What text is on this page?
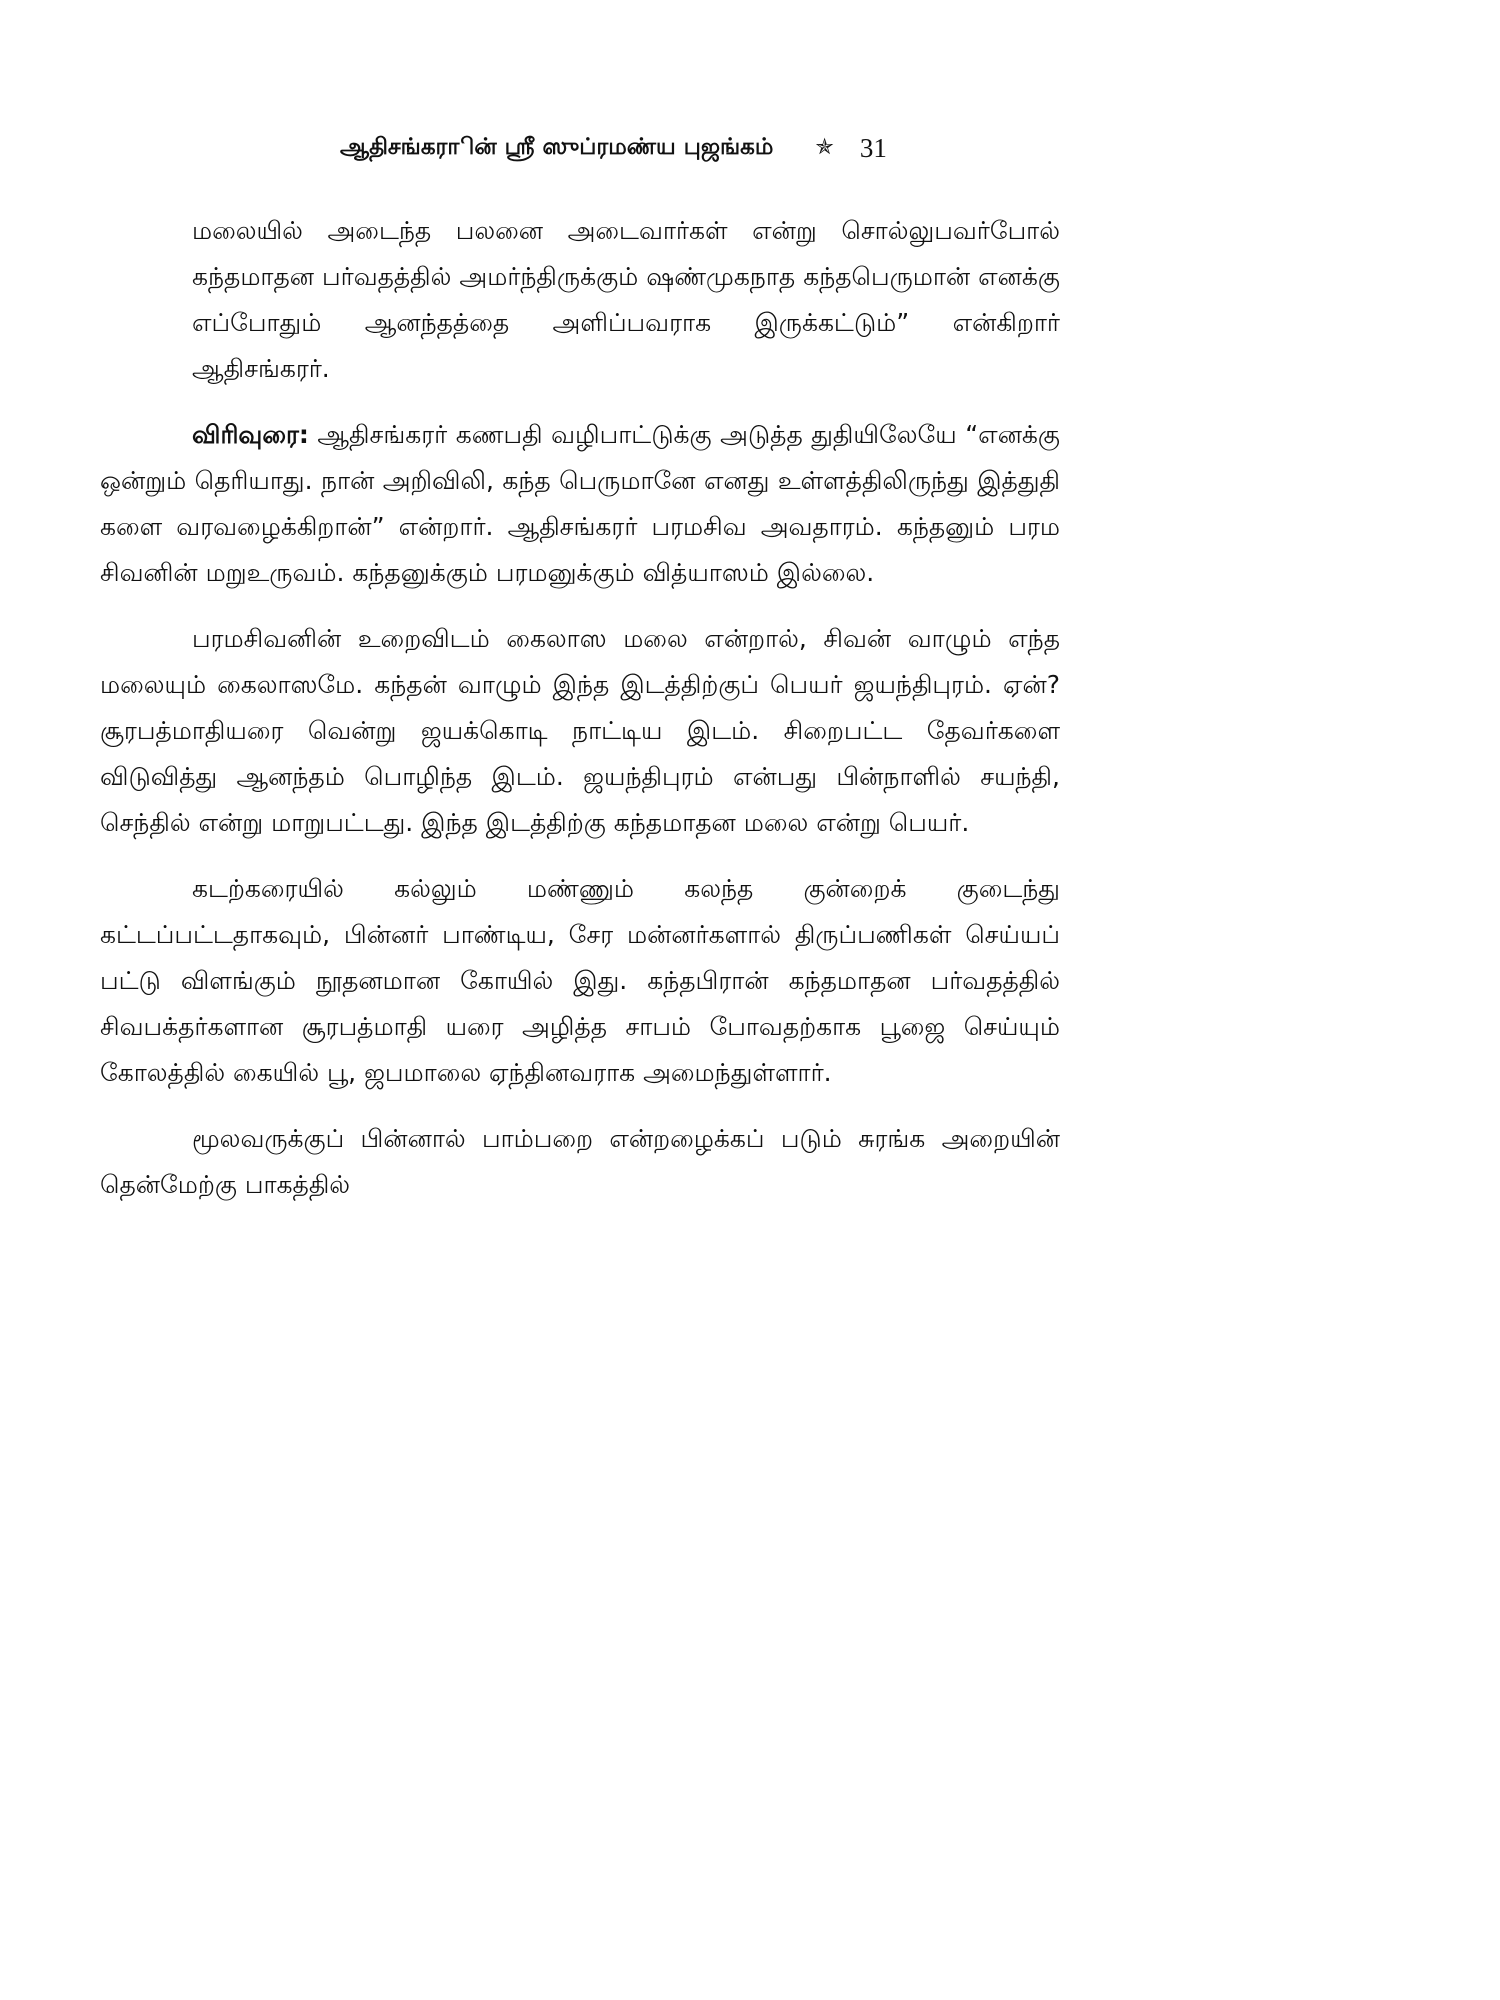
ஆதிசங்கராின் ஸ்ரீ ஸுப்ரமண்ய புஜங்கம் ✯ 31

மலையில் அடைந்த பலனை அடைவார்கள் என்று சொல்லுபவர்போல் கந்தமாதன பர்வதத்தில் அமர்ந்திருக்கும் ஷண்முகநாத கந்தபெருமான் எனக்கு எப்போதும் ஆனந்தத்தை அளிப்பவராக இருக்கட்டும்” என்கிறார் ஆதிசங்கரர்.

விரிவுரை: ஆதிசங்கரர் கணபதி வழிபாட்டுக்கு அடுத்த துதியிலேயே “எனக்கு ஒன்றும் தெரியாது. நான் அறிவிலி, கந்த பெருமானே எனது உள்ளத்திலிருந்து இத்துதி களை வரவழைக்கிறான்” என்றார். ஆதிசங்கரர் பரமசிவ அவதாரம். கந்தனும் பரம சிவனின் மறுஉருவம். கந்தனுக்கும் பரமனுக்கும் வித்யாஸம் இல்லை.

பரமசிவனின் உறைவிடம் கைலாஸ மலை என்றால், சிவன் வாழும் எந்த மலையும் கைலாஸமே. கந்தன் வாழும் இந்த இடத்திற்குப் பெயர் ஜயந்திபுரம். ஏன்? சூரபத்மாதியரை வென்று ஜயக்கொடி நாட்டிய இடம். சிறைபட்ட தேவர்களை விடுவித்து ஆனந்தம் பொழிந்த இடம். ஜயந்திபுரம் என்பது பின்நாளில் சயந்தி, செந்தில் என்று மாறுபட்டது. இந்த இடத்திற்கு கந்தமாதன மலை என்று பெயர்.

கடற்கரையில் கல்லும் மண்ணும் கலந்த குன்றைக் குடைந்து கட்டப்பட்டதாகவும், பின்னர் பாண்டிய, சேர மன்னர்களால் திருப்பணிகள் செய்யப் பட்டு விளங்கும் நூதனமான கோயில் இது. கந்தபிரான் கந்தமாதன பர்வதத்தில் சிவபக்தர்களான சூரபத்மாதி யரை அழித்த சாபம் போவதற்காக பூஜை செய்யும் கோலத்தில் கையில் பூ, ஜபமாலை ஏந்தினவராக அமைந்துள்ளார்.

மூலவருக்குப் பின்னால் பாம்பறை என்றழைக்கப் படும் சுரங்க அறையின் தென்மேற்கு பாகத்தில்
